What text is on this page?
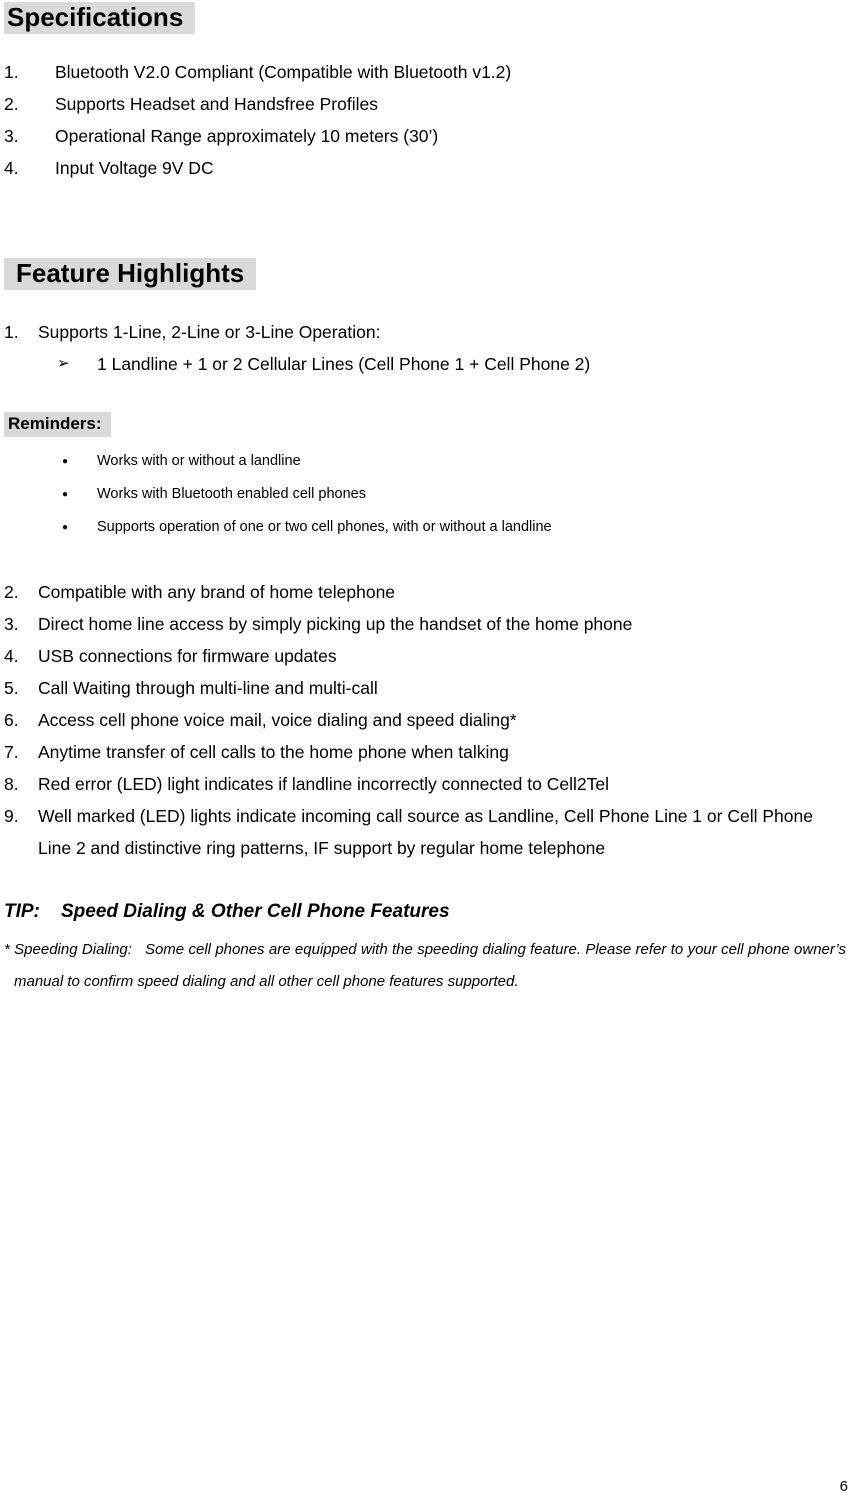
Specifications
1.	Bluetooth V2.0 Compliant (Compatible with Bluetooth v1.2)
2.	Supports Headset and Handsfree Profiles
3.	Operational Range approximately 10 meters (30’)
4.	Input Voltage 9V DC
Feature Highlights
1.	Supports 1-Line, 2-Line or 3-Line Operation:
➢	1 Landline + 1 or 2 Cellular Lines (Cell Phone 1 + Cell Phone 2)
Reminders:
●	Works with or without a landline
●	Works with Bluetooth enabled cell phones
●	Supports operation of one or two cell phones, with or without a landline
2.	Compatible with any brand of home telephone
3.	Direct home line access by simply picking up the handset of the home phone
4.	USB connections for firmware updates
5.	Call Waiting through multi-line and multi-call
6.	Access cell phone voice mail, voice dialing and speed dialing*
7.	Anytime transfer of cell calls to the home phone when talking
8.	Red error (LED) light indicates if landline incorrectly connected to Cell2Tel
9.	Well marked (LED) lights indicate incoming call source as Landline, Cell Phone Line 1 or Cell Phone Line 2 and distinctive ring patterns, IF support by regular home telephone
TIP:    Speed Dialing & Other Cell Phone Features

* Speeding Dialing:   Some cell phones are equipped with the speeding dialing feature. Please refer to your cell phone owner’s manual to confirm speed dialing and all other cell phone features supported.

6
